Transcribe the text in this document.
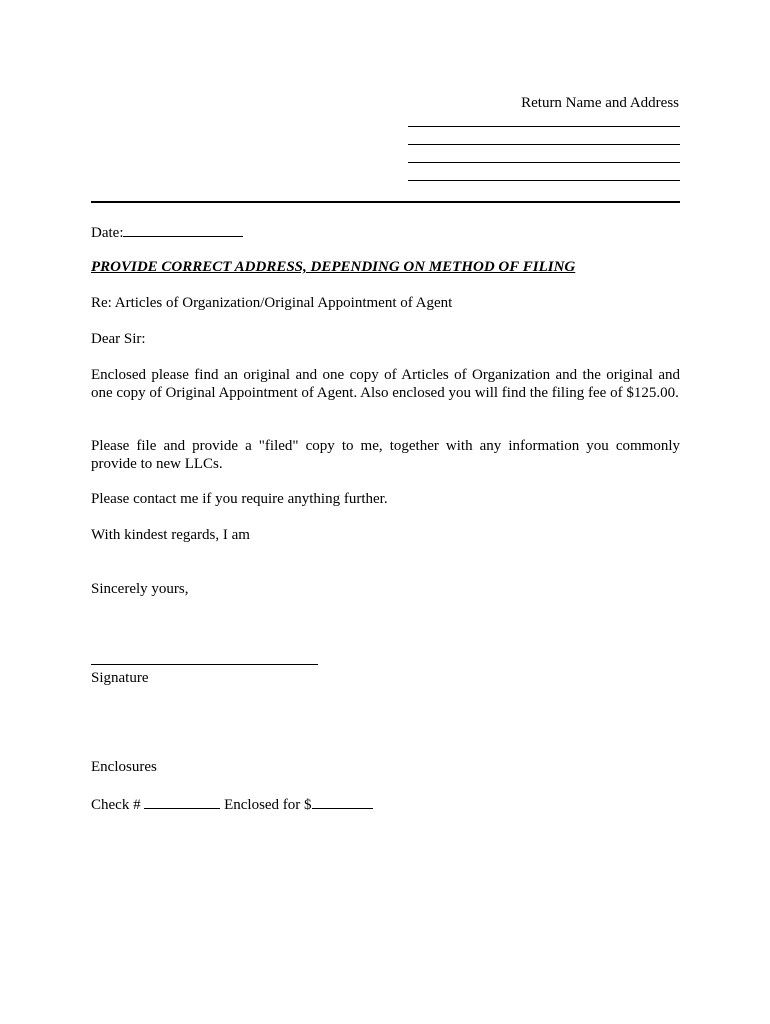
Return Name and Address
Date:
PROVIDE CORRECT ADDRESS, DEPENDING ON METHOD OF FILING
Re: Articles of Organization/Original Appointment of Agent
Dear Sir:
Enclosed please find an original and one copy of Articles of Organization and the original and one copy of Original Appointment of Agent. Also enclosed you will find the filing fee of $125.00.
Please file and provide a "filed" copy to me, together with any information you commonly provide to new LLCs.
Please contact me if you require anything further.
With kindest regards, I am
Sincerely yours,
Signature
Enclosures
Check #	Enclosed for $
